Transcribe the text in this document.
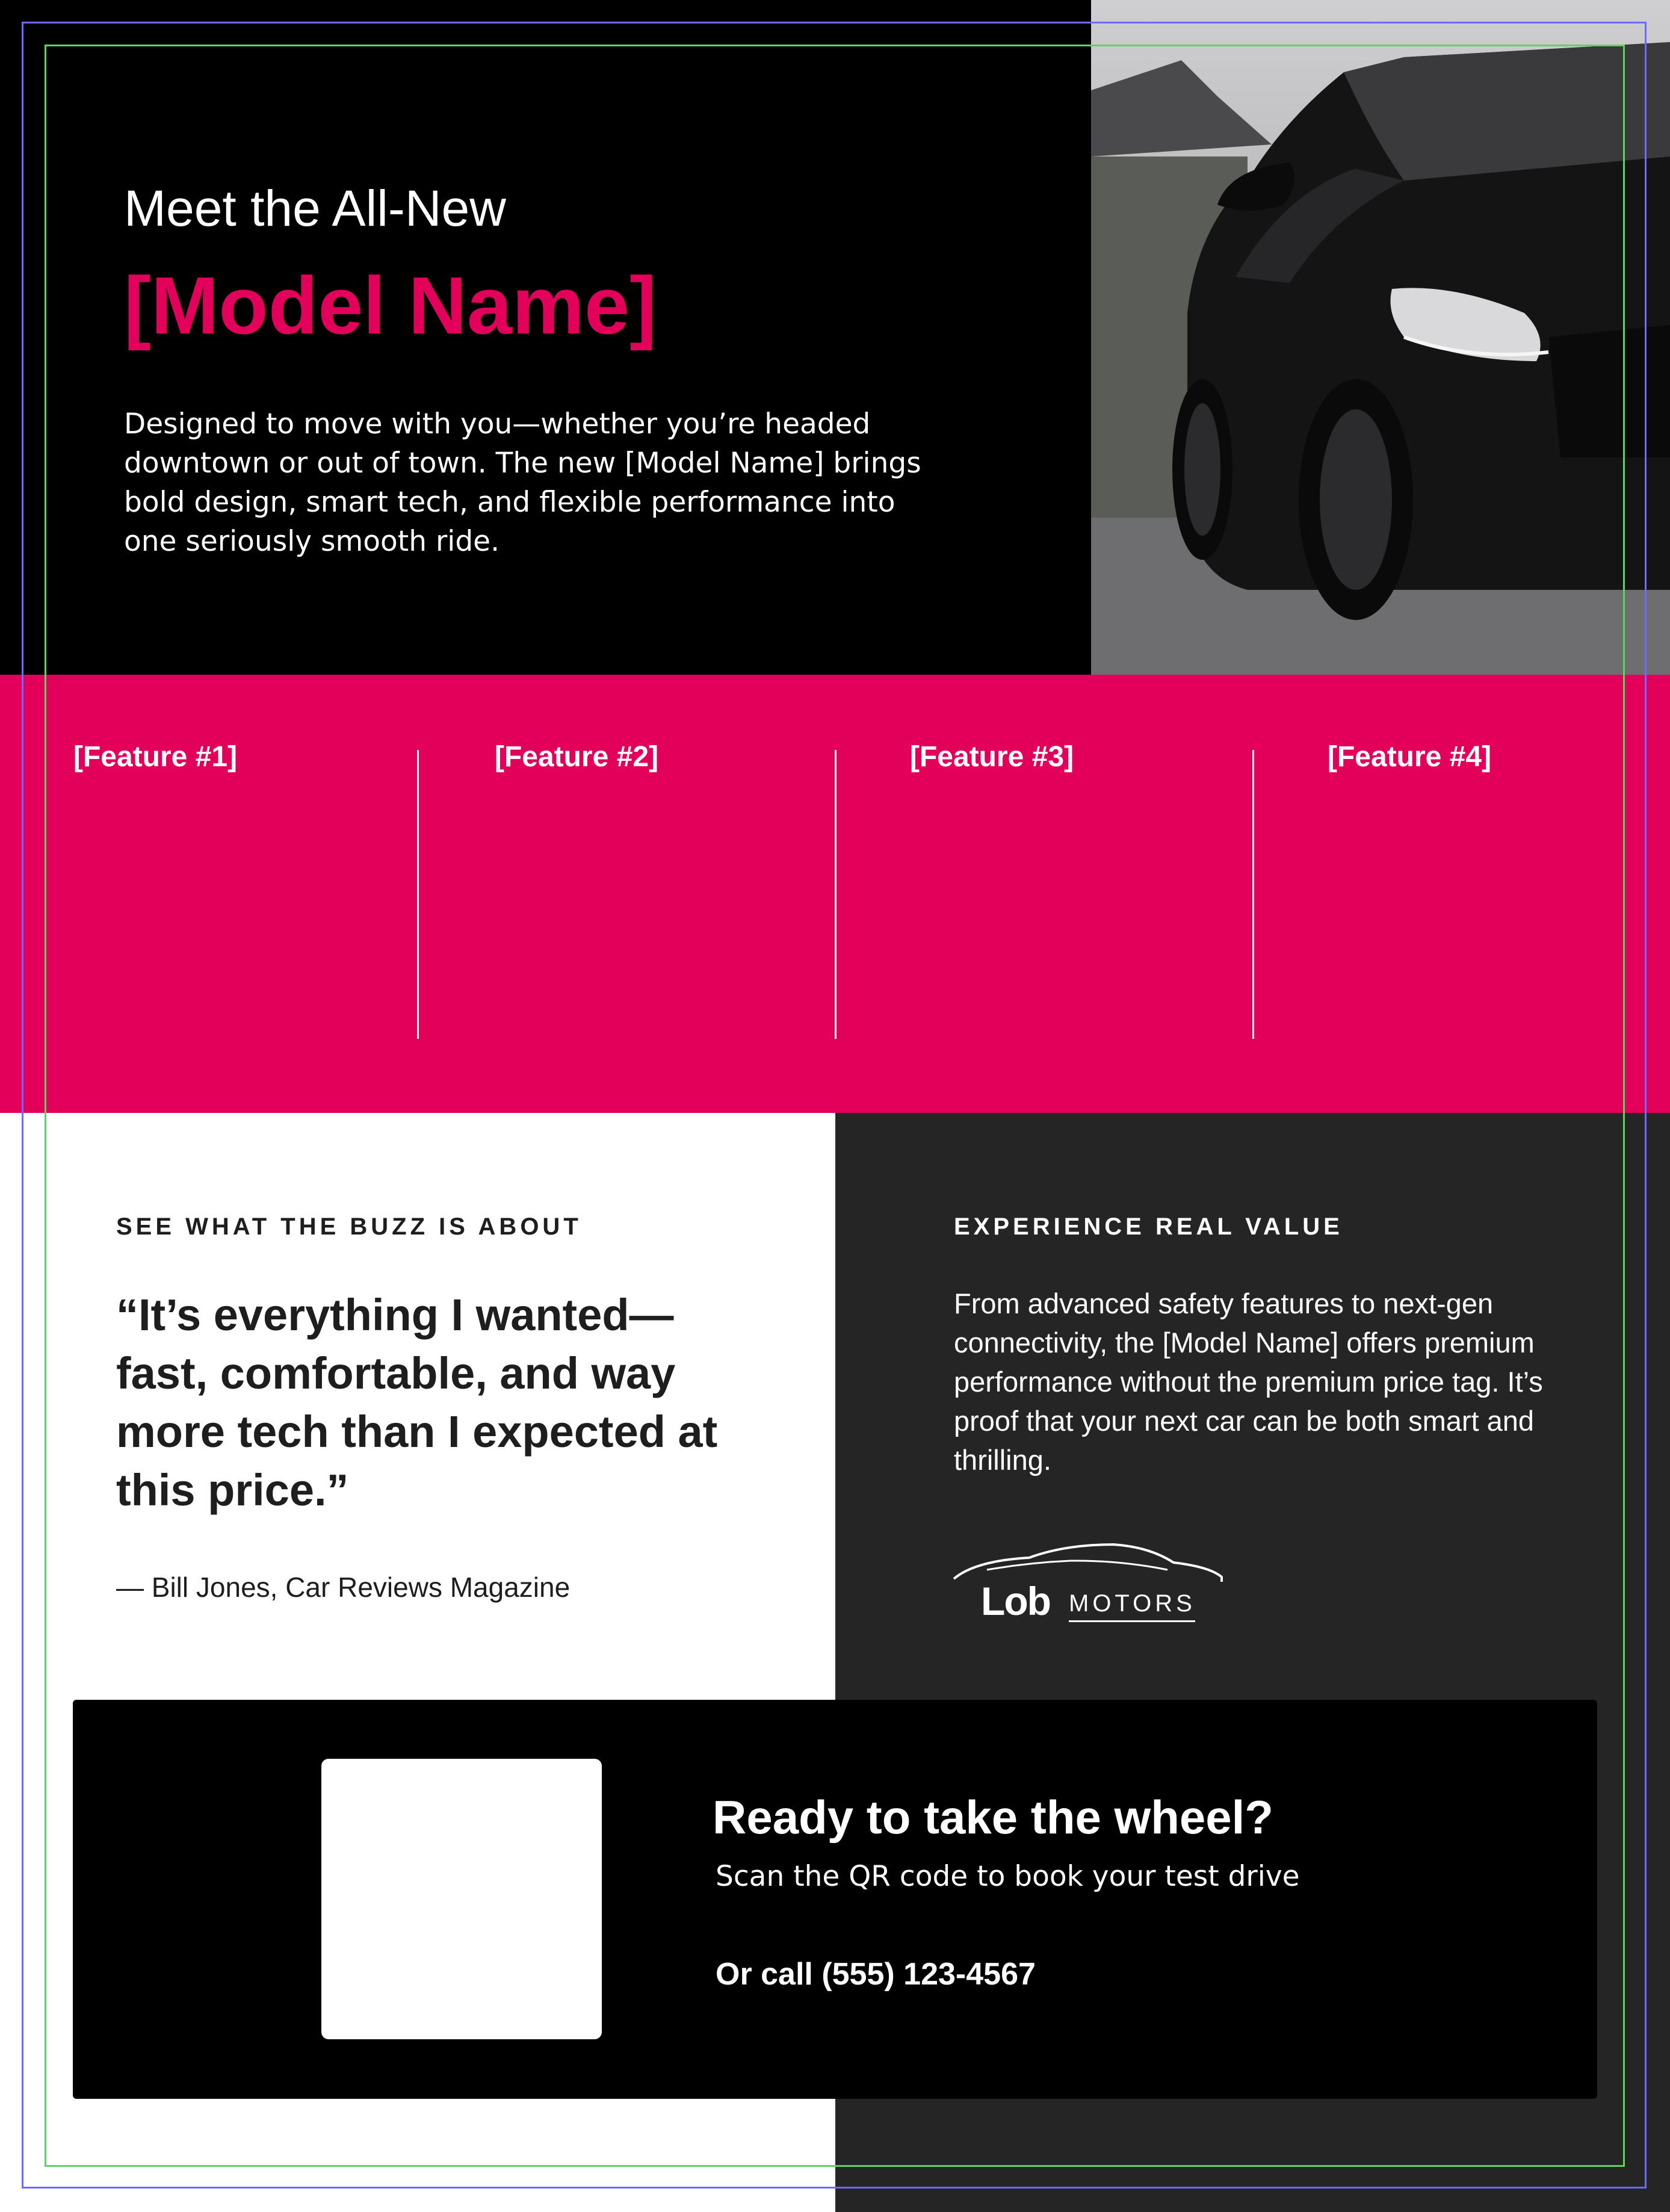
Meet the All-New
[Model Name]
Designed to move with you—whether you’re headed downtown or out of town. The new [Model Name] brings bold design, smart tech, and flexible performance into one seriously smooth ride.
[Feature #1]	[Feature #2]	[Feature #3]	[Feature #4]
SEE WHAT THE BUZZ IS ABOUT
“It’s everything I wanted—fast, comfortable, and way more tech than I expected at this price.”
— Bill Jones, Car Reviews Magazine
EXPERIENCE REAL VALUE
From advanced safety features to next-gen connectivity, the [Model Name] offers premium performance without the premium price tag. It’s proof that your next car can be both smart and thrilling.
Lob MOTORS
Ready to take the wheel?
Scan the QR code to book your test drive
Or call (555) 123-4567
